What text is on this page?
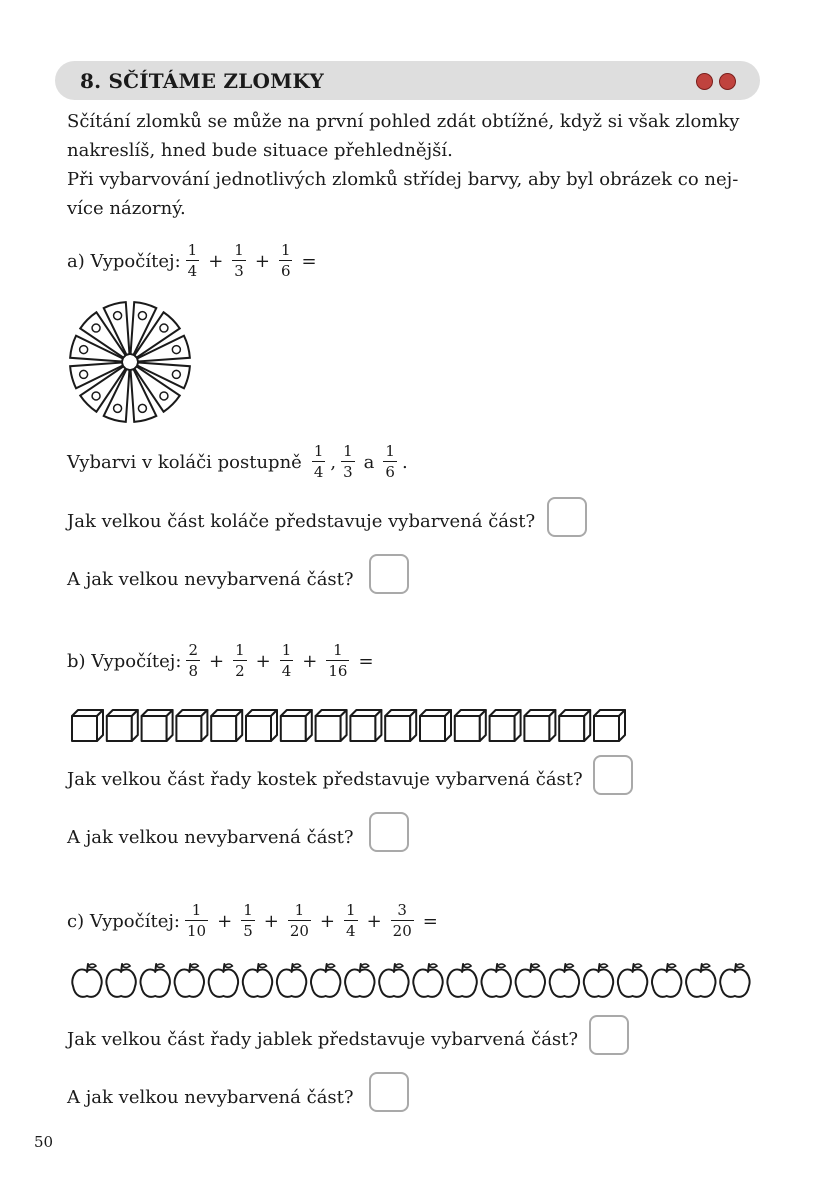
8. SČÍTÁME ZLOMKY
Sčítání zlomků se může na první pohled zdát obtížné, když si však zlomky
nakreslíš, hned bude situace přehlednější.
Při vybarvování jednotlivých zlomků střídej barvy, aby byl obrázek co nej-
více názorný.
a) Vypočítej: $\frac{1}{4} + \frac{1}{3} + \frac{1}{6}$ =
Vybarvi v koláči postupně $\frac{1}{4}$ , $\frac{1}{3}$ a $\frac{1}{6}$ .
Jak velkou část koláče představuje vybarvená část?
A jak velkou nevybarvená část?
b) Vypočítej: $\frac{2}{8} + \frac{1}{2} + \frac{1}{4} + \frac{1}{16}$ =
Jak velkou část řady kostek představuje vybarvená část?
A jak velkou nevybarvená část?
c) Vypočítej: $\frac{1}{10} + \frac{1}{5} + \frac{1}{20} + \frac{1}{4} + \frac{3}{20}$ =
Jak velkou část řady jablek představuje vybarvená část?
A jak velkou nevybarvená část?
50
